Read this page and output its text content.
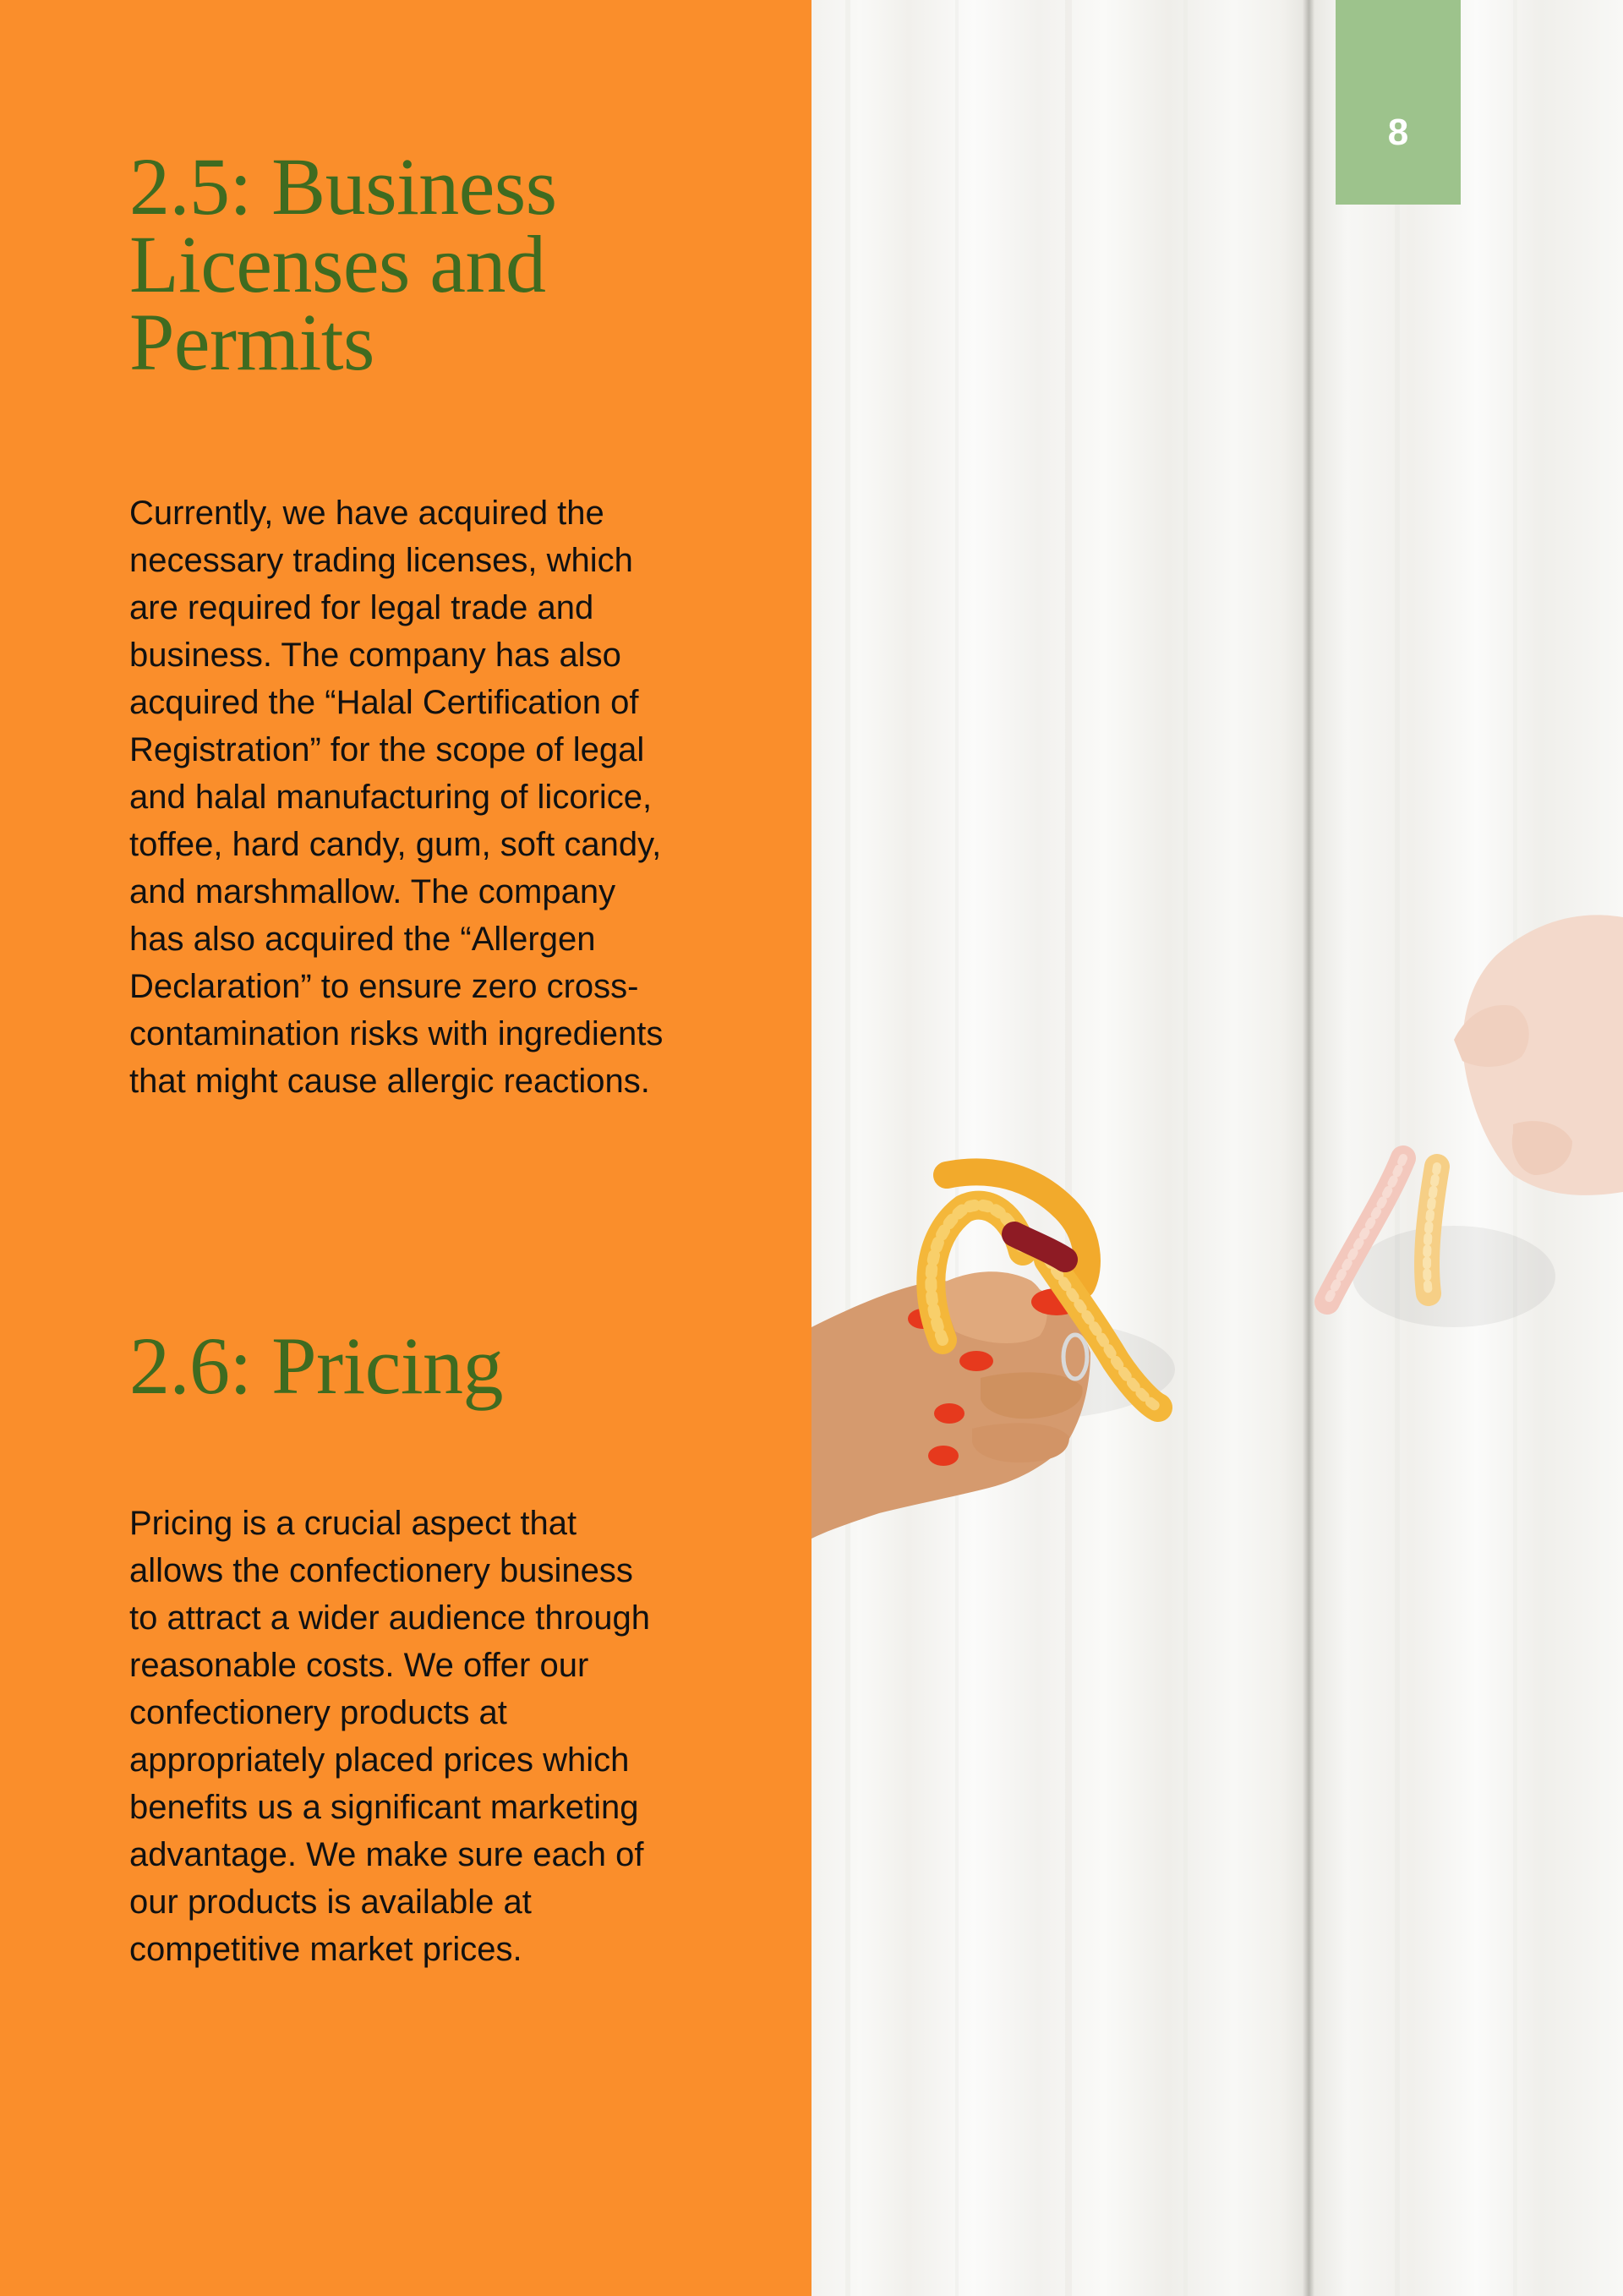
2.5: Business Licenses and Permits

Currently, we have acquired the necessary trading licenses, which are required for legal trade and business. The company has also acquired the “Halal Certification of Registration” for the scope of legal and halal manufacturing of licorice, toffee, hard candy, gum, soft candy, and marshmallow. The company has also acquired the “Allergen Declaration” to ensure zero cross-contamination risks with ingredients that might cause allergic reactions.

2.6: Pricing

Pricing is a crucial aspect that allows the confectionery business to attract a wider audience through reasonable costs. We offer our confectionery products at appropriately placed prices which benefits us a significant marketing advantage. We make sure each of our products is available at competitive market prices.

8
